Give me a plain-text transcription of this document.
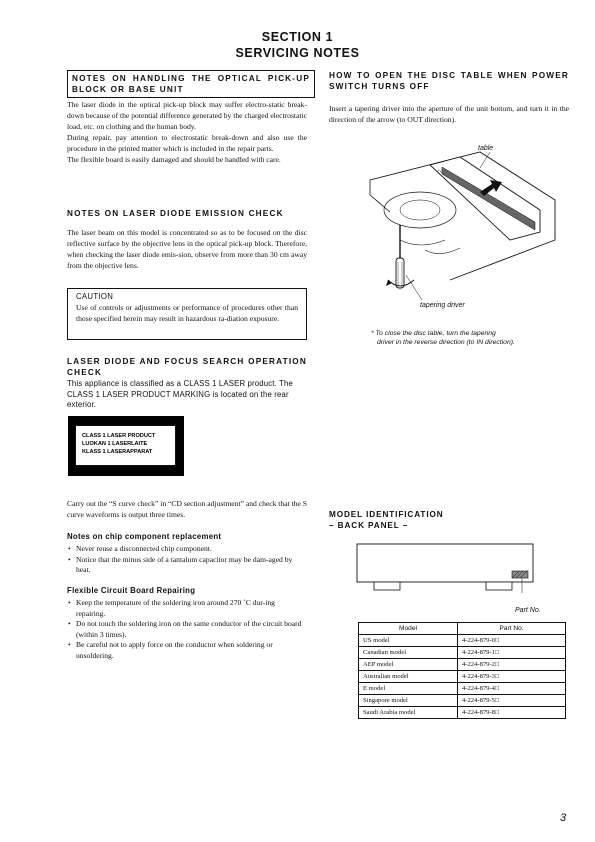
SECTION 1
SERVICING NOTES
NOTES ON HANDLING THE OPTICAL PICK-UP BLOCK OR BASE UNIT
The laser diode in the optical pick-up block may suffer electro-static break-down because of the potential difference generated by the charged electrostatic load, etc. on clothing and the human body.
During repair, pay attention to electrostatic break-down and also use the procedure in the printed matter which is included in the repair parts.
The flexible board is easily damaged and should be handled with care.
NOTES ON LASER DIODE EMISSION CHECK
The laser beam on this model is concentrated so as to be focused on the disc reflective surface by the objective lens in the optical pick-up block. Therefore, when checking the laser diode emis-sion, observe from more than 30 cm away from the objective lens.
CAUTION
Use of controls or adjustments or performance of procedures other than those specified herein may result in hazardous ra-diation exposure.
LASER DIODE AND FOCUS SEARCH OPERATION
CHECK
This appliance is classified as a CLASS 1 LASER product. The CLASS 1 LASER PRODUCT MARKING is located on the rear exterior.
CLASS 1 LASER PRODUCT
LUOKAN 1 LASERLAITE
KLASS 1 LASERAPPARAT
Carry out the “S curve check” in “CD section adjustment” and check that the S curve waveforms is output three times.
Notes on chip component replacement
• Never reuse a disconnected chip component.
• Notice that the minus side of a tantalum capacitor may be dam-aged by heat.
Flexible Circuit Board Repairing
• Keep the temperature of the soldering iron around 270 ˚C dur-ing repairing.
• Do not touch the soldering iron on the same conductor of the circuit board (within 3 times).
• Be careful not to apply force on the conductor when soldering or unsoldering.
HOW TO OPEN THE DISC TABLE WHEN POWER SWITCH TURNS OFF
Insert a tapering driver into the aperture of the unit bottom, and turn it in the direction of the arrow (to OUT direction).
table
tapering driver
* To close the disc table, turn the tapering
driver in the reverse direction (to IN direction).
MODEL IDENTIFICATION
– BACK PANEL –
Part No.
Model	Part No.
US model	4-224-879-0□
Canadian model	4-224-879-1□
AEP model	4-224-879-2□
Australian model	4-224-879-3□
E model	4-224-879-4□
Singapore model	4-224-879-5□
Saudi Arabia model	4-224-879-8□
3
